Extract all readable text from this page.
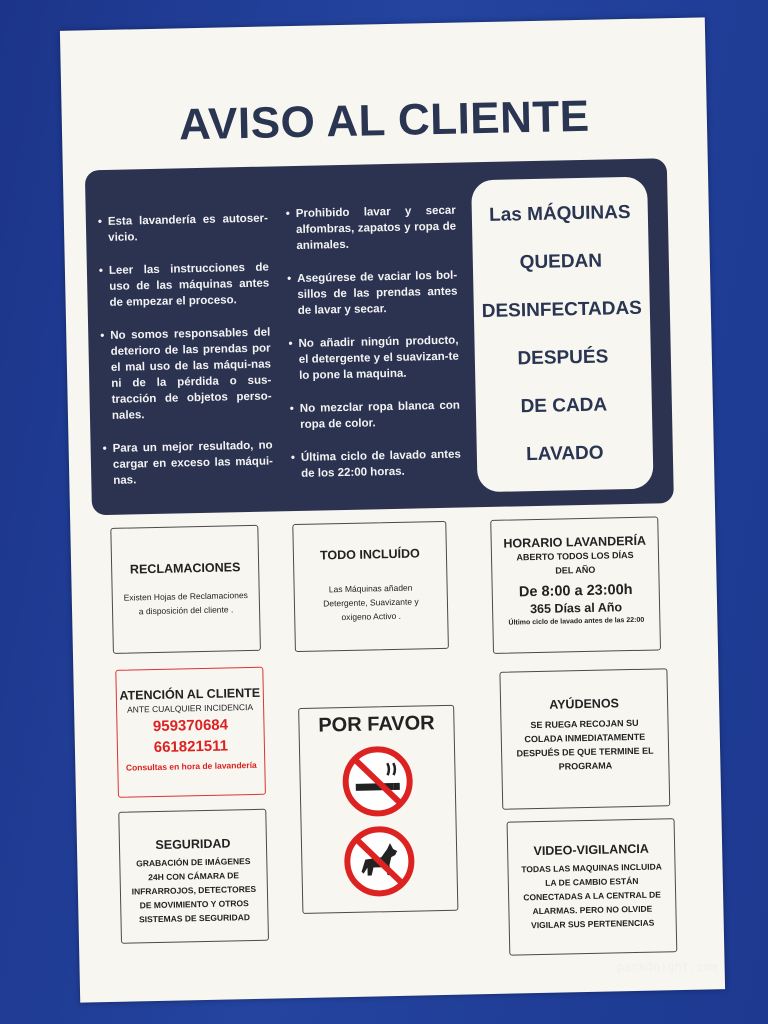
AVISO AL CLIENTE
• Esta lavandería es autoser-vicio.
• Leer las instrucciones de uso de las máquinas antes de empezar el proceso.
• No somos responsables del deterioro de las prendas por el mal uso de las máqui-nas ni de la pérdida o sus-tracción de objetos perso-nales.
• Para un mejor resultado, no cargar en exceso las máqui-nas.
• Prohibido lavar y secar alfombras, zapatos y ropa de animales.
• Asegúrese de vaciar los bol-sillos de las prendas antes de lavar y secar.
• No añadir ningún producto, el detergente y el suavizan-te lo pone la maquina.
• No mezclar ropa blanca con ropa de color.
• Última ciclo de lavado antes de los 22:00 horas.
Las MÁQUINAS
QUEDAN
DESINFECTADAS
DESPUÉS
DE CADA
LAVADO
RECLAMACIONES
Existen Hojas de Reclamaciones a disposición del cliente .
TODO INCLUÍDO
Las Máquinas añaden Detergente, Suavizante y oxigeno Activo .
HORARIO LAVANDERÍA
ABERTO TODOS LOS DÍAS
DEL AÑO
De 8:00 a 23:00h
365 Días al Año
Último ciclo de lavado antes de las 22:00
ATENCIÓN AL CLIENTE
ANTE CUALQUIER INCIDENCIA
959370684
661821511
Consultas en hora de lavandería
POR FAVOR
AYÚDENOS
SE RUEGA RECOJAN SU COLADA INMEDIATAMENTE DESPUÉS DE QUE TERMINE EL PROGRAMA
SEGURIDAD
GRABACIÓN DE IMÁGENES 24H CON CÁMARA DE INFRARROJOS, DETECTORES DE MOVIMIENTO Y OTROS SISTEMAS DE SEGURIDAD
VIDEO-VIGILANCIA
TODAS LAS MAQUINAS INCLUIDA LA DE CAMBIO ESTÁN CONECTADAS A LA CENTRAL DE ALARMAS. PERO NO OLVIDE VIGILAR SUS PERTENENCIAS
park4night.com
